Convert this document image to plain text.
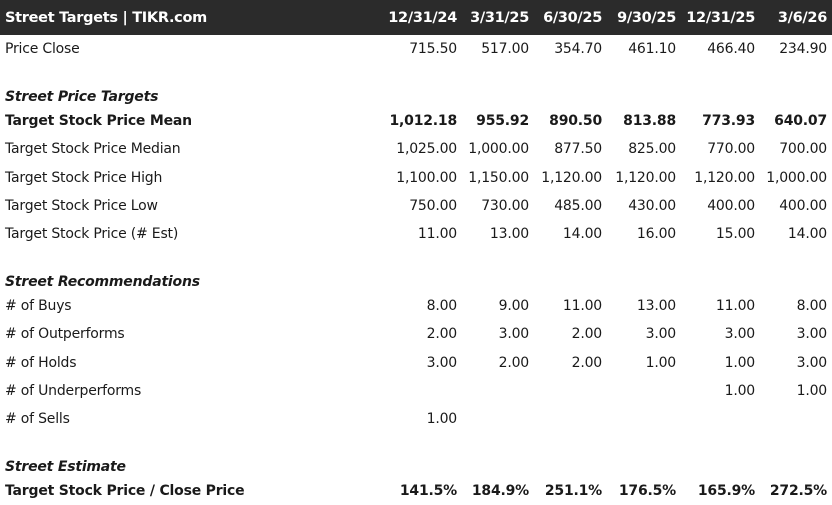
Street Targets | TIKR.com	12/31/24	3/31/25	6/30/25	9/30/25	12/31/25	3/6/26
Price Close	715.50	517.00	354.70	461.10	466.40	234.90

Street Price Targets						
Target Stock Price Mean	1,012.18	955.92	890.50	813.88	773.93	640.07
Target Stock Price Median	1,025.00	1,000.00	877.50	825.00	770.00	700.00
Target Stock Price High	1,100.00	1,150.00	1,120.00	1,120.00	1,120.00	1,000.00
Target Stock Price Low	750.00	730.00	485.00	430.00	400.00	400.00
Target Stock Price (# Est)	11.00	13.00	14.00	16.00	15.00	14.00

Street Recommendations						
# of Buys	8.00	9.00	11.00	13.00	11.00	8.00
# of Outperforms	2.00	3.00	2.00	3.00	3.00	3.00
# of Holds	3.00	2.00	2.00	1.00	1.00	3.00
# of Underperforms					1.00	1.00
# of Sells	1.00					

Street Estimate						
Target Stock Price / Close Price	141.5%	184.9%	251.1%	176.5%	165.9%	272.5%
